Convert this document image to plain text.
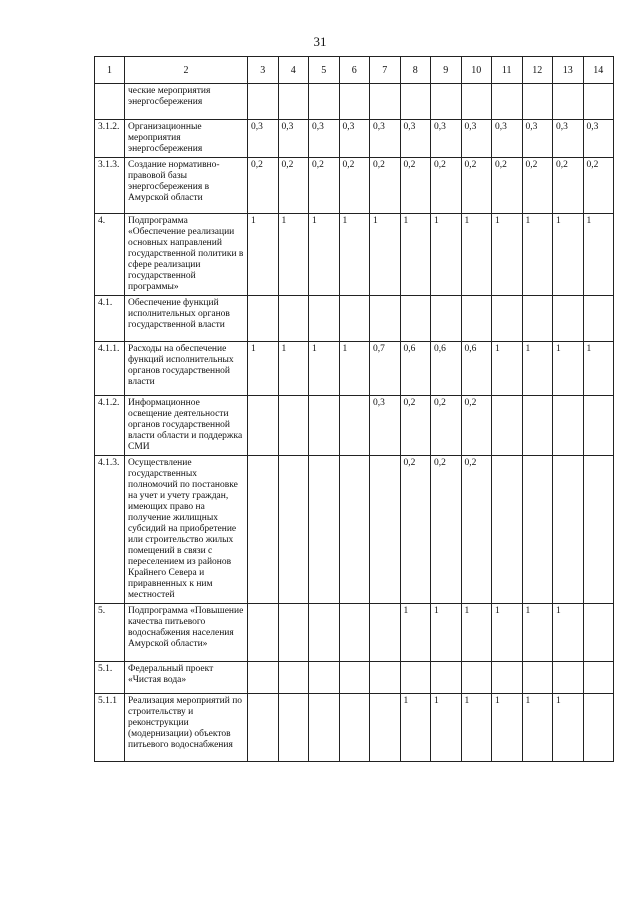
31
1	2	3	4	5	6	7	8	9	10	11	12	13	14
	ческие мероприятия энергосбережения												
3.1.2.	Организационные мероприятия энергосбережения	0,3	0,3	0,3	0,3	0,3	0,3	0,3	0,3	0,3	0,3	0,3	0,3
3.1.3.	Создание нормативно-правовой базы энергосбережения в Амурской области	0,2	0,2	0,2	0,2	0,2	0,2	0,2	0,2	0,2	0,2	0,2	0,2
4.	Подпрограмма «Обеспечение реализации основных направлений государственной политики в сфере реализации государственной программы»	1	1	1	1	1	1	1	1	1	1	1	1
4.1.	Обеспечение функций исполнительных органов государственной власти												
4.1.1.	Расходы на обеспечение функций исполнительных органов государственной власти	1	1	1	1	0,7	0,6	0,6	0,6	1	1	1	1
4.1.2.	Информационное освещение деятельности органов государственной власти области и поддержка СМИ					0,3	0,2	0,2	0,2				
4.1.3.	Осуществление государственных полномочий по постановке на учет и учету граждан, имеющих право на получение жилищных субсидий на приобретение или строительство жилых помещений в связи с переселением из районов Крайнего Севера и приравненных к ним местностей						0,2	0,2	0,2				
5.	Подпрограмма «Повышение качества питьевого водоснабжения населения Амурской области»						1	1	1	1	1	1	
5.1.	Федеральный проект «Чистая вода»												
5.1.1	Реализация мероприятий по строительству и реконструкции (модернизации) объектов питьевого водоснабжения						1	1	1	1	1	1	
